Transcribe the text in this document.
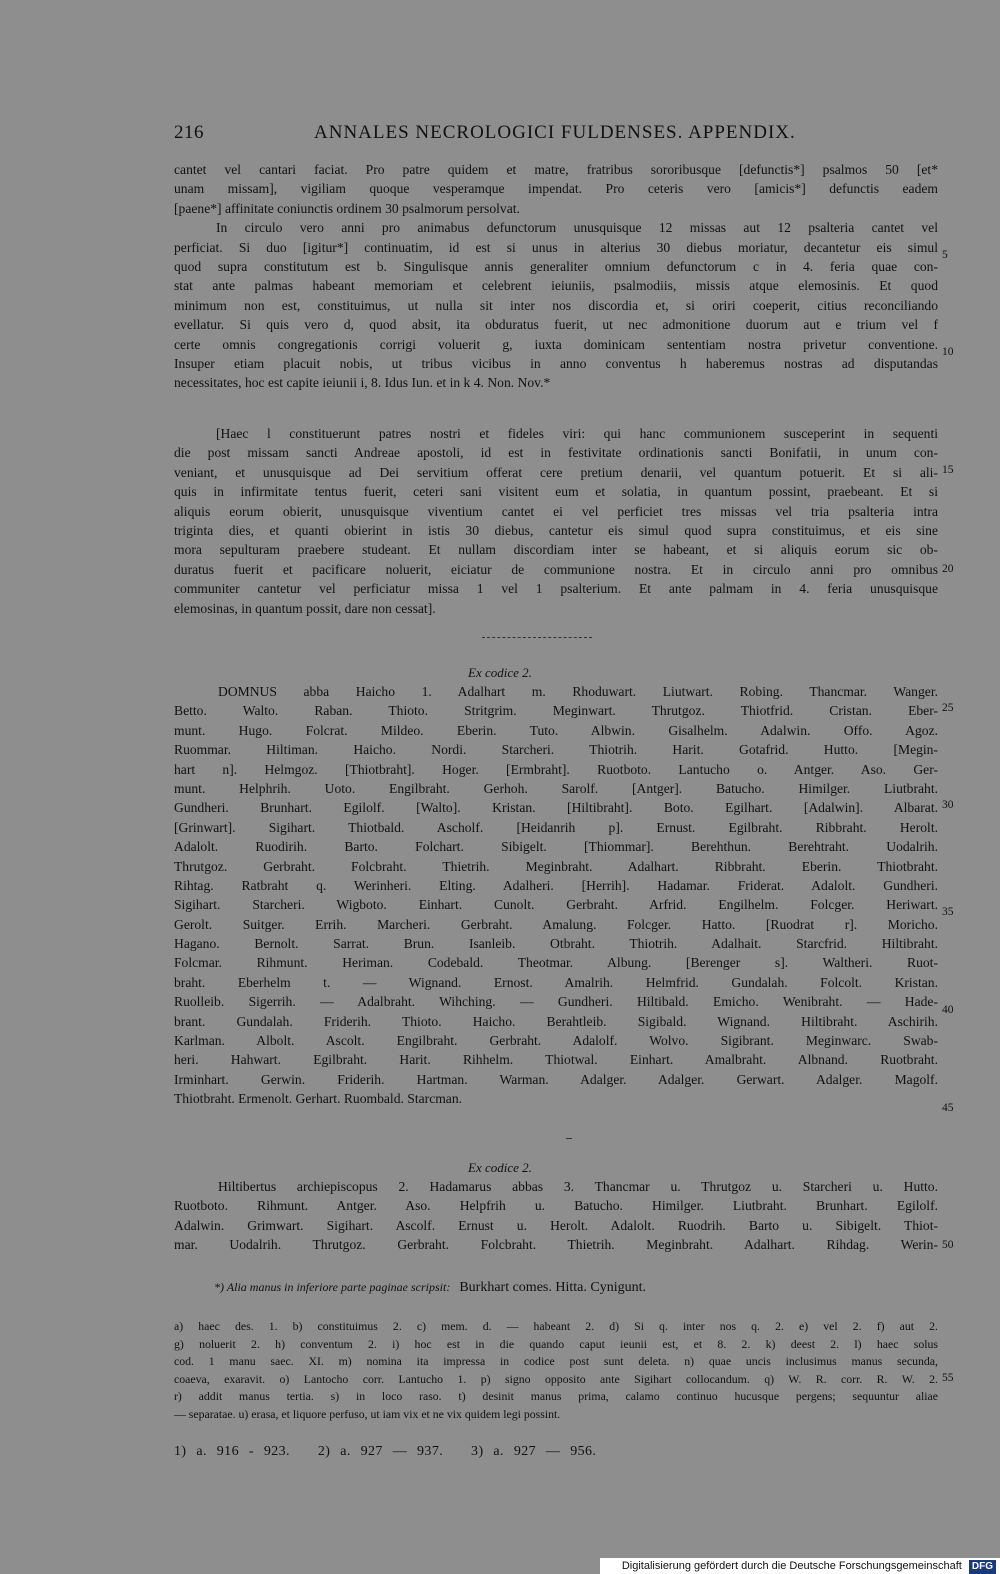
216	ANNALES NECROLOGICI FULDENSES. APPENDIX.
cantet vel cantari faciat. Pro patre quidem et matre, fratribus sororibusque [defunctis*] psalmos 50 [et*
unam missam], vigiliam quoque vesperamque impendat. Pro ceteris vero [amicis*] defunctis eadem
[paene*] affinitate coniunctis ordinem 30 psalmorum persolvat.
In circulo vero anni pro animabus defunctorum unusquisque 12 missas aut 12 psalteria cantet vel
perficiat. Si duo [igitur*] continuatim, id est si unus in alterius 30 diebus moriatur, decantetur eis simul
quod supra constitutum est b. Singulisque annis generaliter omnium defunctorum c in 4. feria quae con-
stat ante palmas habeant memoriam et celebrent ieiuniis, psalmodiis, missis atque elemosinis. Et quod
minimum non est, constituimus, ut nulla sit inter nos discordia et, si oriri coeperit, citius reconciliando
evellatur. Si quis vero d, quod absit, ita obduratus fuerit, ut nec admonitione duorum aut e trium vel f
certe omnis congregationis corrigi voluerit g, iuxta dominicam sententiam nostra privetur conventione.
Insuper etiam placuit nobis, ut tribus vicibus in anno conventus h haberemus nostras ad disputandas
necessitates, hoc est capite ieiunii i, 8. Idus Iun. et in k 4. Non. Nov.*
5
10
[Haec l constituerunt patres nostri et fideles viri: qui hanc communionem susceperint in sequenti
die post missam sancti Andreae apostoli, id est in festivitate ordinationis sancti Bonifatii, in unum con-
veniant, et unusquisque ad Dei servitium offerat cere pretium denarii, vel quantum potuerit. Et si ali-
quis in infirmitate tentus fuerit, ceteri sani visitent eum et solatia, in quantum possint, praebeant. Et si
aliquis eorum obierit, unusquisque viventium cantet ei vel perficiet tres missas vel tria psalteria intra
triginta dies, et quanti obierint in istis 30 diebus, cantetur eis simul quod supra constituimus, et eis sine
mora sepulturam praebere studeant. Et nullam discordiam inter se habeant, et si aliquis eorum sic ob-
duratus fuerit et pacificare noluerit, eiciatur de communione nostra. Et in circulo anni pro omnibus
communiter cantetur vel perficiatur missa 1 vel 1 psalterium. Et ante palmam in 4. feria unusquisque
elemosinas, in quantum possit, dare non cessat].
15
20
Ex codice 2.
DOMNUS abba Haicho 1. Adalhart m. Rhoduwart. Liutwart. Robing. Thancmar. Wanger.
Betto. Walto. Raban. Thioto. Stritgrim. Meginwart. Thrutgoz. Thiotfrid. Cristan. Eber-
munt. Hugo. Folcrat. Mildeo. Eberin. Tuto. Albwin. Gisalhelm. Adalwin. Offo. Agoz.
Ruommar. Hiltiman. Haicho. Nordi. Starcheri. Thiotrih. Harit. Gotafrid. Hutto. [Megin-
hart n]. Helmgoz. [Thiotbraht]. Hoger. [Ermbraht]. Ruotboto. Lantucho o. Antger. Aso. Ger-
munt. Helphrih. Uoto. Engilbraht. Gerhoh. Sarolf. [Antger]. Batucho. Himilger. Liutbraht.
Gundheri. Brunhart. Egilolf. [Walto]. Kristan. [Hiltibraht]. Boto. Egilhart. [Adalwin]. Albarat.
[Grinwart]. Sigihart. Thiotbald. Ascholf. [Heidanrih p]. Ernust. Egilbraht. Ribbraht. Herolt.
Adalolt. Ruodirih. Barto. Folchart. Sibigelt. [Thiommar]. Berehthun. Berehtraht. Uodalrih.
Thrutgoz. Gerbraht. Folcbraht. Thietrih. Meginbraht. Adalhart. Ribbraht. Eberin. Thiotbraht.
Rihtag. Ratbraht q. Werinheri. Elting. Adalheri. [Herrih]. Hadamar. Friderat. Adalolt. Gundheri.
Sigihart. Starcheri. Wigboto. Einhart. Cunolt. Gerbraht. Arfrid. Engilhelm. Folcger. Heriwart.
Gerolt. Suitger. Errih. Marcheri. Gerbraht. Amalung. Folcger. Hatto. [Ruodrat r]. Moricho.
Hagano. Bernolt. Sarrat. Brun. Isanleib. Otbraht. Thiotrih. Adalhait. Starcfrid. Hiltibraht.
Folcmar. Rihmunt. Heriman. Codebald. Theotmar. Albung. [Berenger s]. Waltheri. Ruot-
braht. Eberhelm t. — Wignand. Ernost. Amalrih. Helmfrid. Gundalah. Folcolt. Kristan.
Ruolleib. Sigerrih. — Adalbraht. Wihching. — Gundheri. Hiltibald. Emicho. Wenibraht. — Hade-
brant. Gundalah. Friderih. Thioto. Haicho. Berahtleib. Sigibald. Wignand. Hiltibraht. Aschirih.
Karlman. Albolt. Ascolt. Engilbraht. Gerbraht. Adalolf. Wolvo. Sigibrant. Meginwarc. Swab-
heri. Hahwart. Egilbraht. Harit. Rihhelm. Thiotwal. Einhart. Amalbraht. Albnand. Ruotbraht.
Irminhart. Gerwin. Friderih. Hartman. Warman. Adalger. Adalger. Gerwart. Adalger. Magolf.
Thiotbraht. Ermenolt. Gerhart. Ruombald. Starcman.
25
30
35
40
45
Ex codice 2.
Hiltibertus archiepiscopus 2. Hadamarus abbas 3. Thancmar u. Thrutgoz u. Starcheri u. Hutto.
Ruotboto. Rihmunt. Antger. Aso. Helpfrih u. Batucho. Himilger. Liutbraht. Brunhart. Egilolf.
Adalwin. Grimwart. Sigihart. Ascolf. Ernust u. Herolt. Adalolt. Ruodrih. Barto u. Sibigelt. Thiot-
mar. Uodalrih. Thrutgoz. Gerbraht. Folcbraht. Thietrih. Meginbraht. Adalhart. Rihdag. Werin- 50
*) Alia manus in inferiore parte paginae scripsit: Burkhart comes. Hitta. Cynigunt.
a) haec des. 1. b) constituimus 2. c) mem. d. — habeant 2. d) Si q. inter nos q. 2. e) vel 2. f) aut 2.
g) noluerit 2. h) conventum 2. i) hoc est in die quando caput ieunii est, et 8. 2. k) deest 2. l) haec solus
cod. 1 manu saec. XI. m) nomina ita impressa in codice post sunt deleta. n) quae uncis inclusimus manus secunda,
coaeva, exaravit. o) Lantocho corr. Lantucho 1. p) signo opposito ante Sigihart collocandum. q) W. R. corr. R. W. 2.
r) addit manus tertia. s) in loco raso. t) desinit manus prima, calamo continuo hucusque pergens; sequuntur aliae
— separatae. u) erasa, et liquore perfuso, ut iam vix et ne vix quidem legi possint.
55
1) a. 916 - 923. 2) a. 927 — 937. 3) a. 927 — 956.
Digitalisierung gefördert durch die Deutsche Forschungsgemeinschaft DFG
